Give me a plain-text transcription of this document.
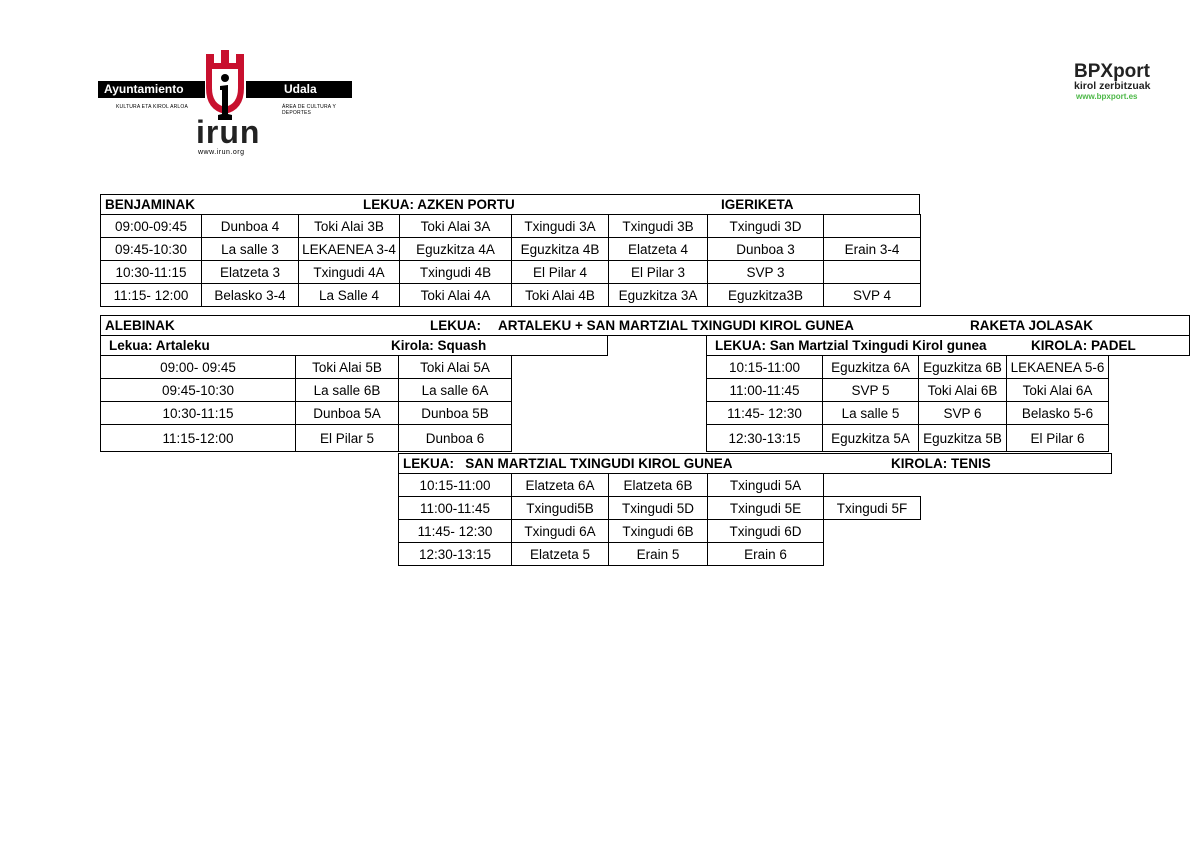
Ayuntamiento	Udala
KULTURA ETA KIROL ARLOA	ÁREA DE CULTURA Y DEPORTES
irun
www.irun.org
BPXport
kirol zerbitzuak
www.bpxport.es
BENJAMINAK	LEKUA: AZKEN PORTU	IGERIKETA
09:00-09:45	Dunboa 4	Toki Alai 3B	Toki Alai 3A	Txingudi 3A	Txingudi 3B	Txingudi 3D	
09:45-10:30	La salle 3	LEKAENEA 3-4	Eguzkitza 4A	Eguzkitza 4B	Elatzeta 4	Dunboa 3	Erain 3-4
10:30-11:15	Elatzeta 3	Txingudi 4A	Txingudi 4B	El Pilar 4	El Pilar 3	SVP 3	
11:15- 12:00	Belasko 3-4	La Salle 4	Toki Alai 4A	Toki Alai 4B	Eguzkitza 3A	Eguzkitza3B	SVP 4
ALEBINAK	LEKUA: ARTALEKU + SAN MARTZIAL TXINGUDI KIROL GUNEA	RAKETA JOLASAK
Lekua: Artaleku	Kirola: Squash
09:00- 09:45	Toki Alai 5B	Toki Alai 5A
09:45-10:30	La salle 6B	La salle 6A
10:30-11:15	Dunboa 5A	Dunboa 5B
11:15-12:00	El Pilar 5	Dunboa 6
LEKUA: San Martzial Txingudi Kirol gunea	KIROLA: PADEL
10:15-11:00	Eguzkitza 6A	Eguzkitza 6B	LEKAENEA 5-6
11:00-11:45	SVP 5	Toki Alai 6B	Toki Alai 6A
11:45- 12:30	La salle 5	SVP 6	Belasko 5-6
12:30-13:15	Eguzkitza 5A	Eguzkitza 5B	El Pilar 6
LEKUA:   SAN MARTZIAL TXINGUDI KIROL GUNEA	KIROLA: TENIS
10:15-11:00	Elatzeta 6A	Elatzeta 6B	Txingudi 5A	
11:00-11:45	Txingudi5B	Txingudi 5D	Txingudi 5E	Txingudi 5F
11:45- 12:30	Txingudi 6A	Txingudi 6B	Txingudi 6D	
12:30-13:15	Elatzeta 5	Erain 5	Erain 6	
